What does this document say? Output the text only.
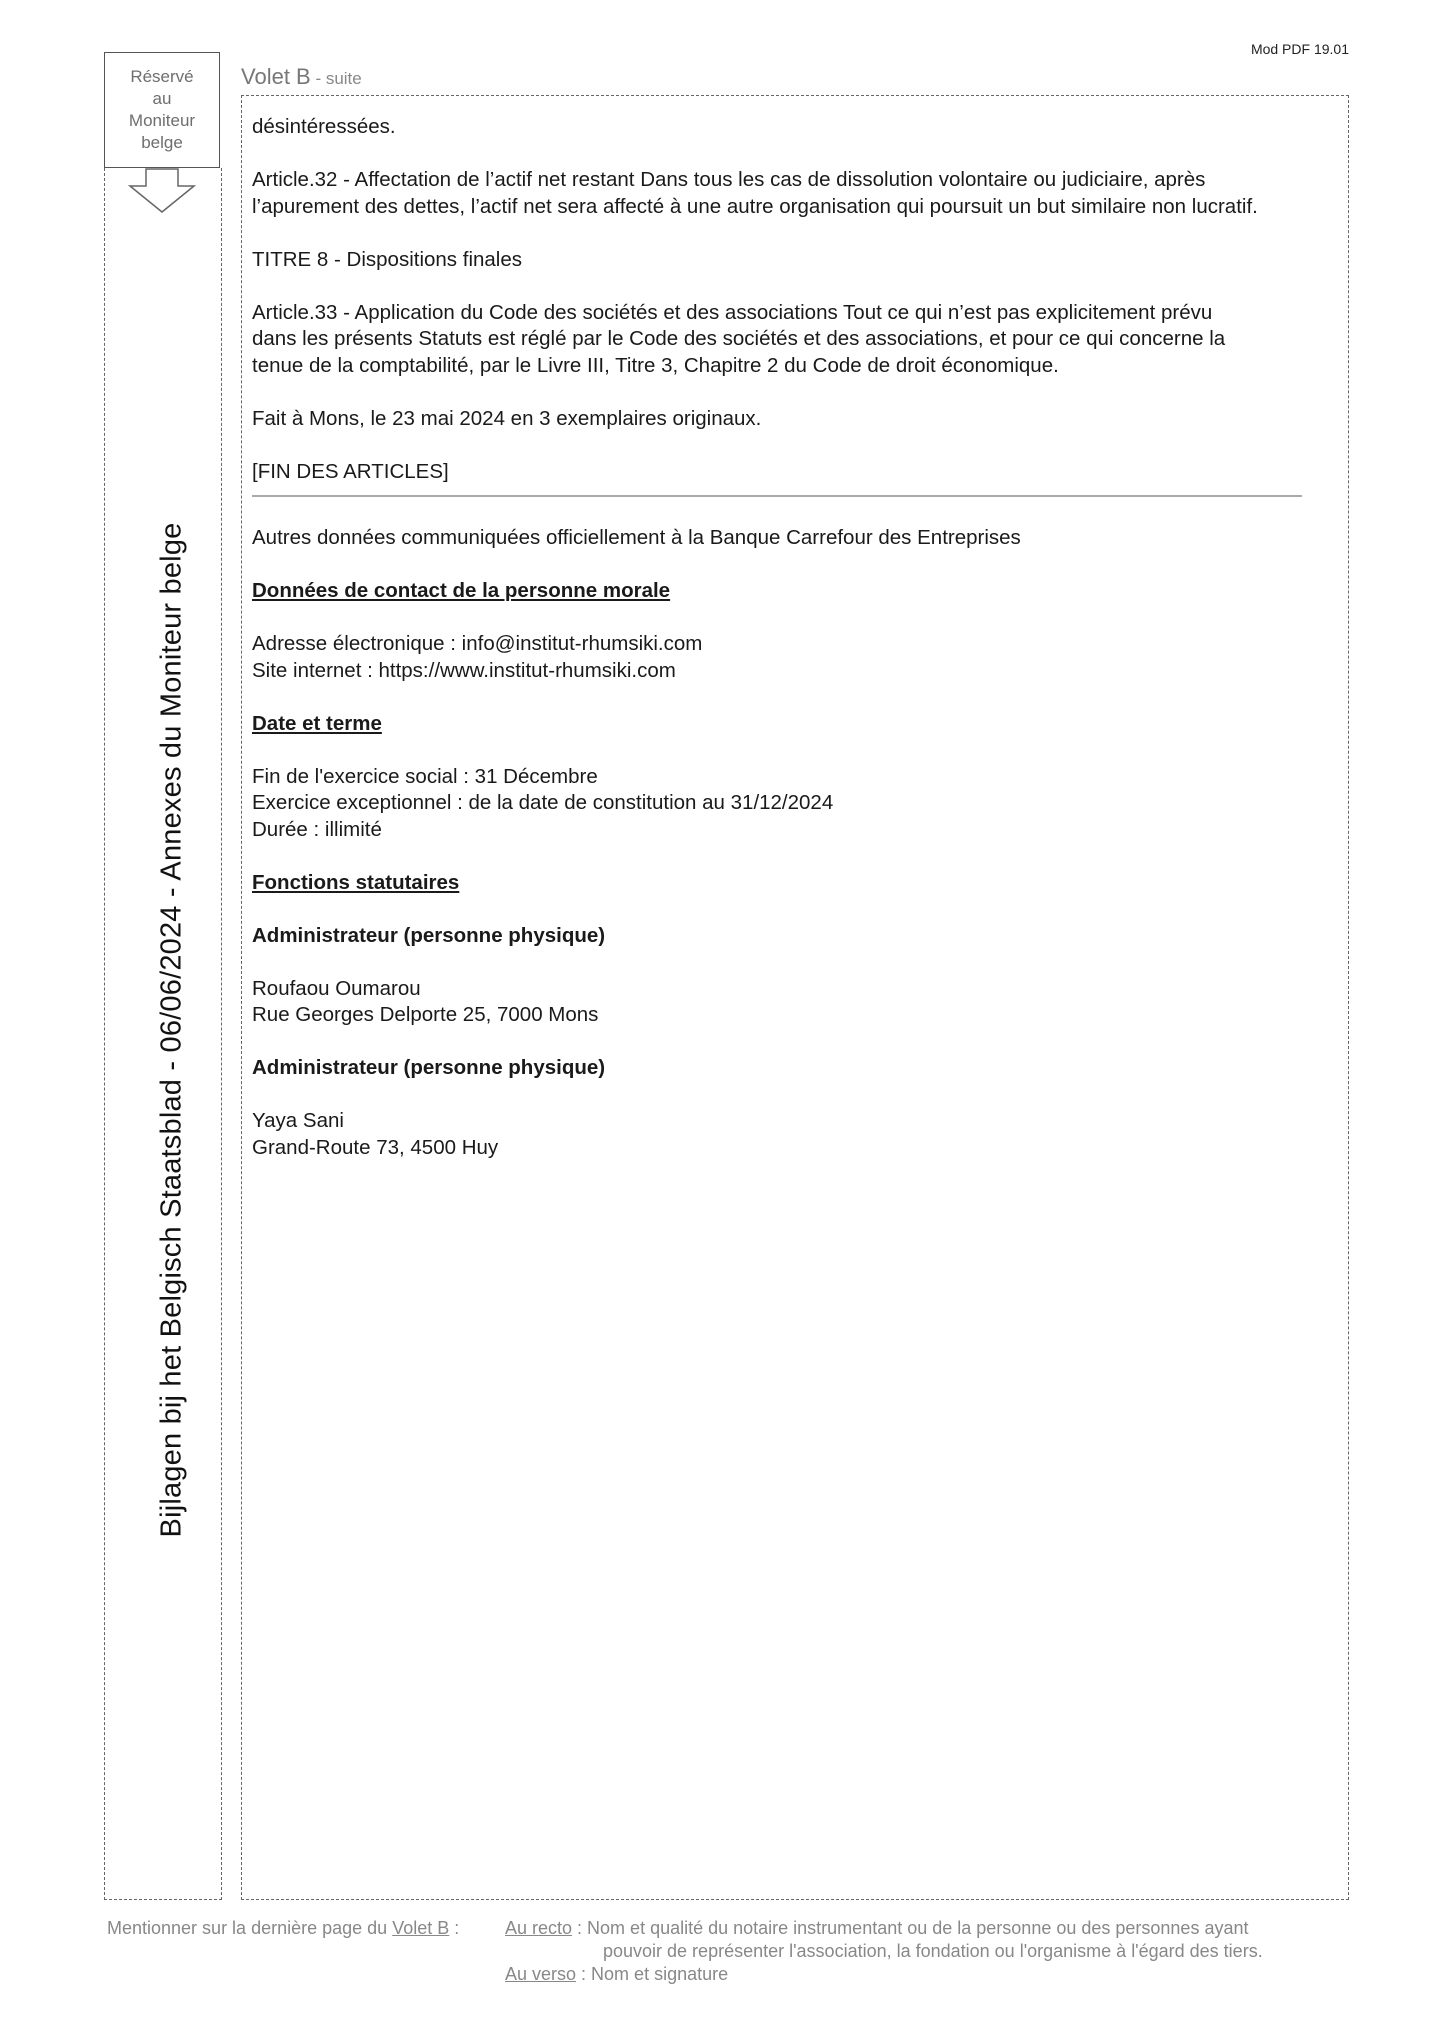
Mod PDF 19.01
Réservé
au
Moniteur
belge
Bijlagen bij het Belgisch Staatsblad - 06/06/2024 - Annexes du Moniteur belge
Volet B - suite

désintéressées.

Article.32 - Affectation de l’actif net restant Dans tous les cas de dissolution volontaire ou judiciaire, après
l’apurement des dettes, l’actif net sera affecté à une autre organisation qui poursuit un but similaire non lucratif.

TITRE 8 - Dispositions finales

Article.33 - Application du Code des sociétés et des associations Tout ce qui n’est pas explicitement prévu
dans les présents Statuts est réglé par le Code des sociétés et des associations, et pour ce qui concerne la
tenue de la comptabilité, par le Livre III, Titre 3, Chapitre 2 du Code de droit économique.

Fait à Mons, le 23 mai 2024 en 3 exemplaires originaux.

[FIN DES ARTICLES]

Autres données communiquées officiellement à la Banque Carrefour des Entreprises

Données de contact de la personne morale

Adresse électronique : info@institut-rhumsiki.com
Site internet : https://www.institut-rhumsiki.com

Date et terme

Fin de l'exercice social : 31 Décembre
Exercice exceptionnel : de la date de constitution au 31/12/2024
Durée : illimité

Fonctions statutaires

Administrateur (personne physique)

Roufaou Oumarou
Rue Georges Delporte 25, 7000 Mons

Administrateur (personne physique)

Yaya Sani
Grand-Route 73, 4500 Huy

Mentionner sur la dernière page du Volet B :	Au recto : Nom et qualité du notaire instrumentant ou de la personne ou des personnes ayant
pouvoir de représenter l'association, la fondation ou l'organisme à l'égard des tiers.
Au verso : Nom et signature
